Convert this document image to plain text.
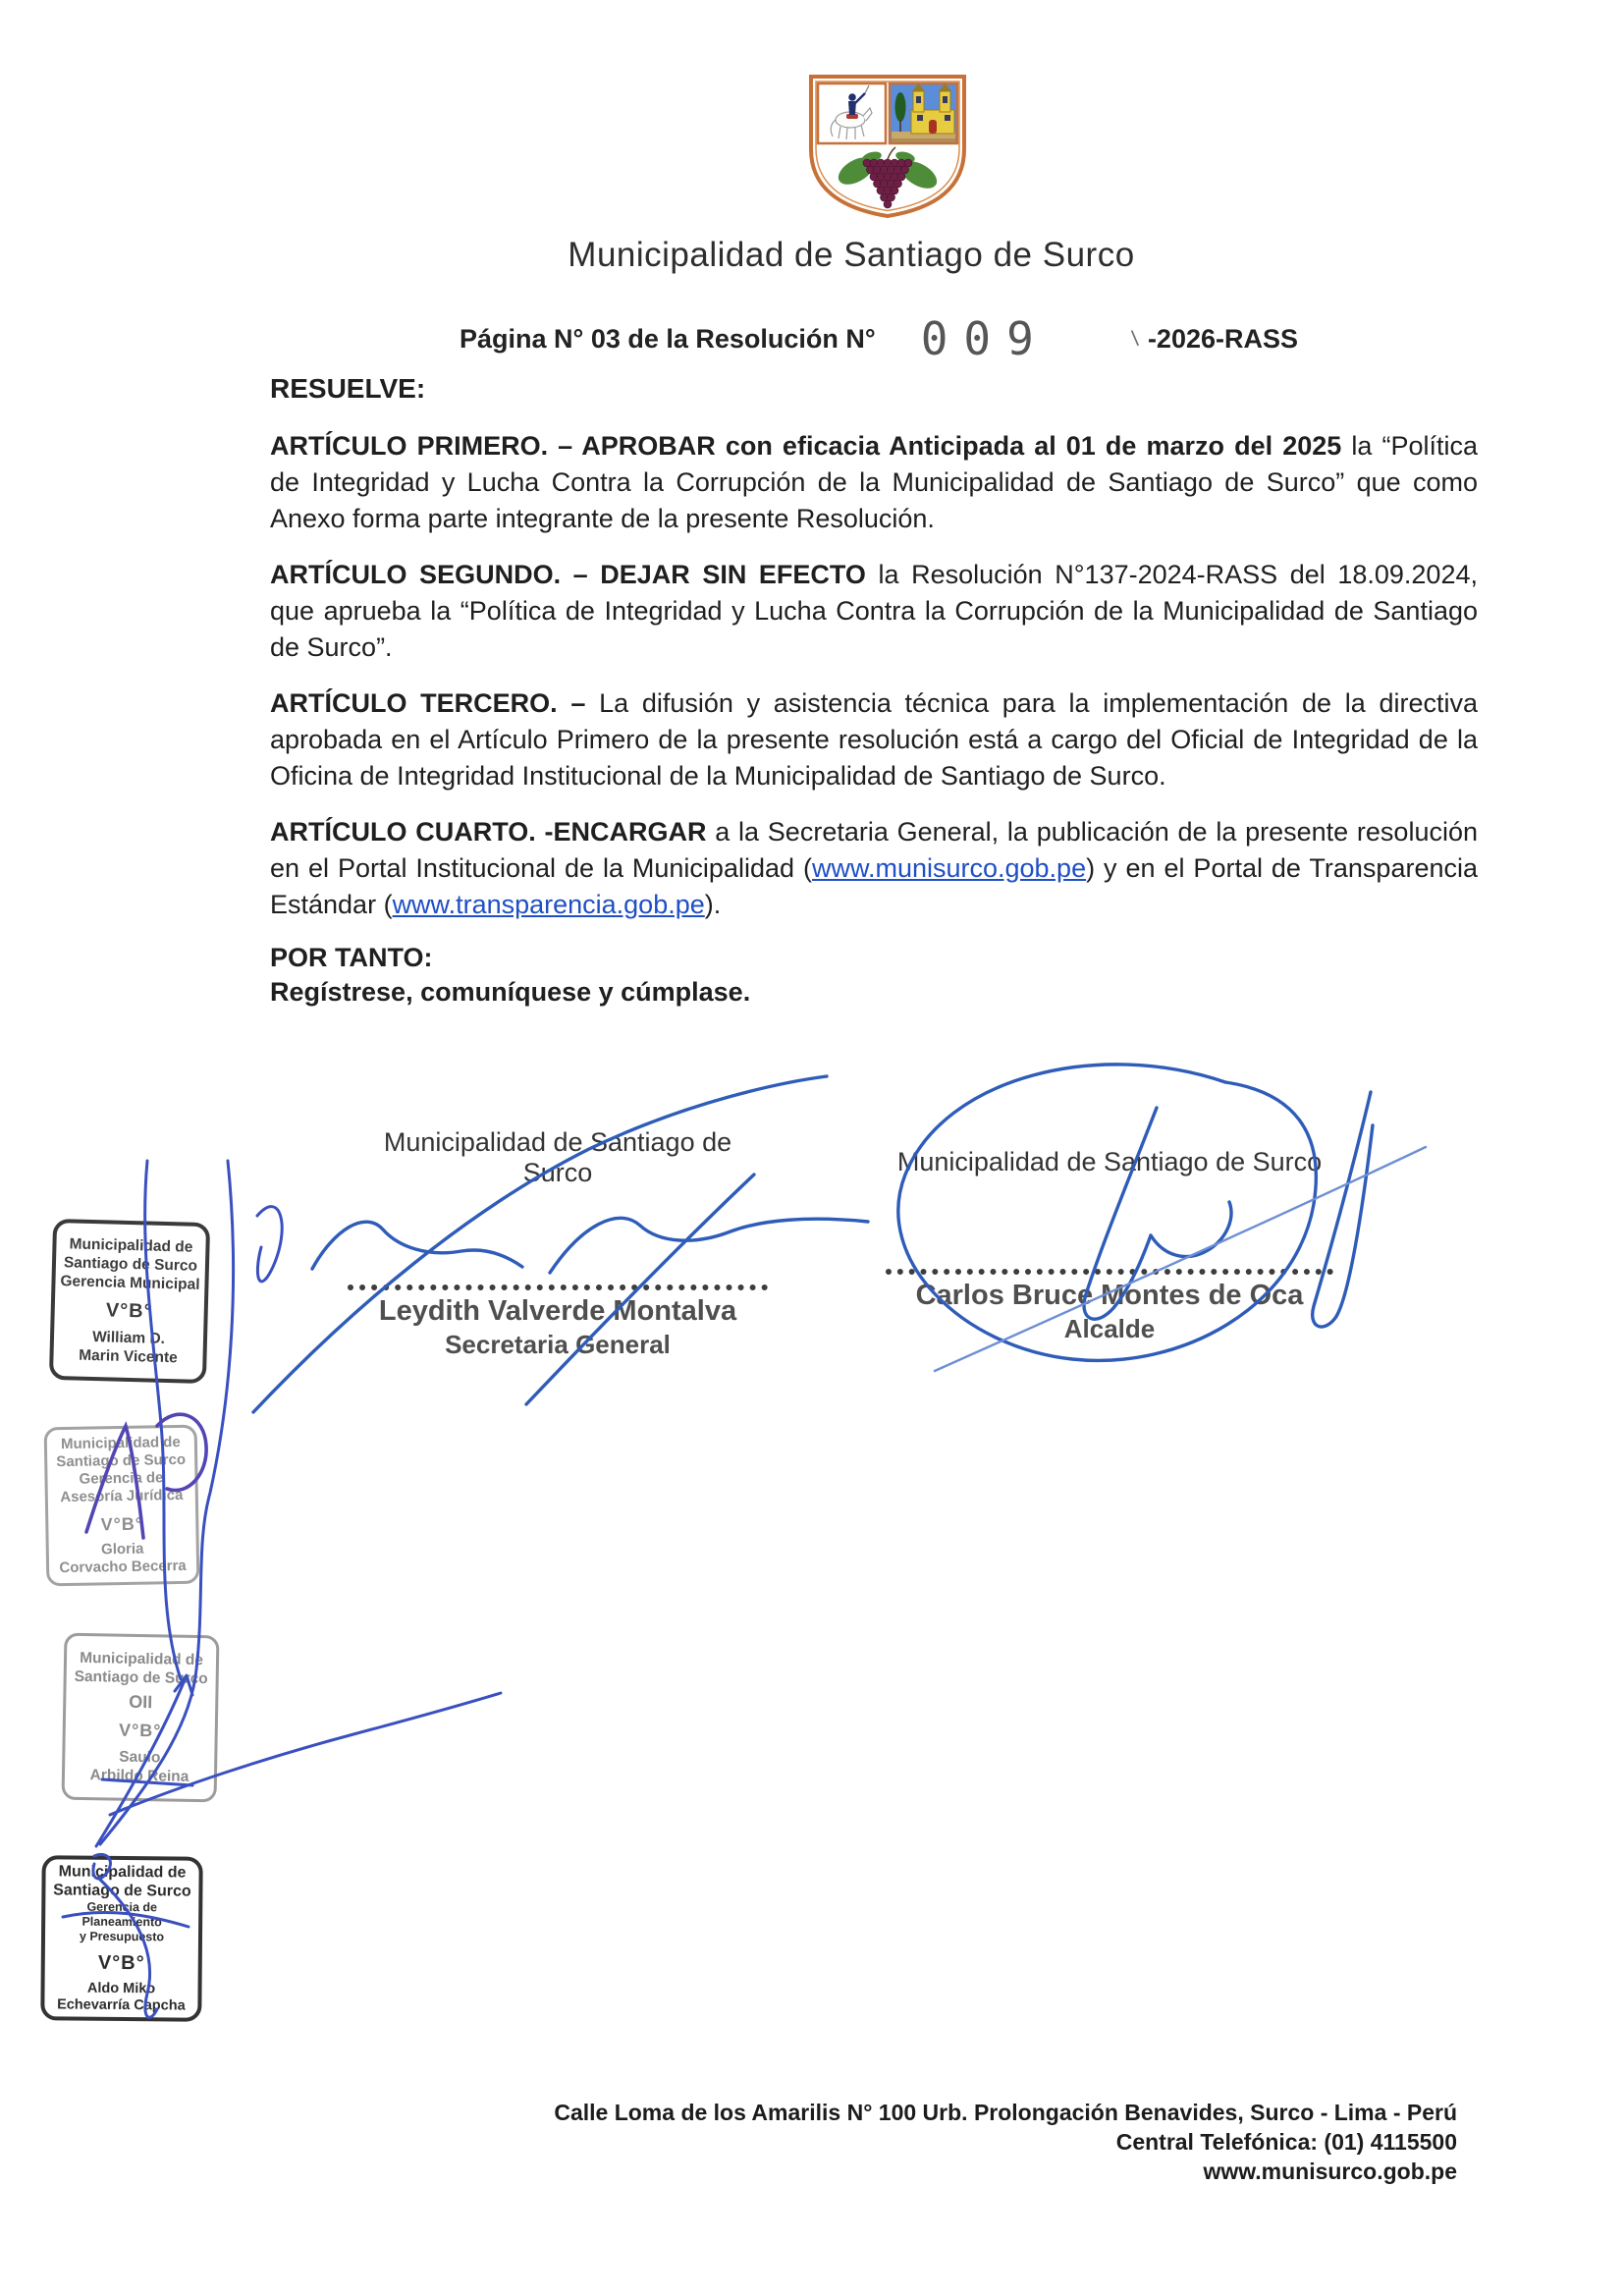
Municipalidad de Santiago de Surco
Página N° 03 de la Resolución N° 009	\ -2026-RASS

RESUELVE:

ARTÍCULO PRIMERO. – APROBAR con eficacia Anticipada al 01 de marzo del 2025 la “Política de Integridad y Lucha Contra la Corrupción de la Municipalidad de Santiago de Surco” que como Anexo forma parte integrante de la presente Resolución.

ARTÍCULO SEGUNDO. – DEJAR SIN EFECTO la Resolución N°137-2024-RASS del 18.09.2024, que aprueba la “Política de Integridad y Lucha Contra la Corrupción de la Municipalidad de Santiago de Surco”.

ARTÍCULO TERCERO. – La difusión y asistencia técnica para la implementación de la directiva aprobada en el Artículo Primero de la presente resolución está a cargo del Oficial de Integridad de la Oficina de Integridad Institucional de la Municipalidad de Santiago de Surco.

ARTÍCULO CUARTO. -ENCARGAR a la Secretaria General, la publicación de la presente resolución en el Portal Institucional de la Municipalidad (www.munisurco.gob.pe) y en el Portal de Transparencia Estándar (www.transparencia.gob.pe).

POR TANTO:

Regístrese, comuníquese y cúmplase.

Municipalidad de Santiago de Surco
Leydith Valverde Montalva
Secretaria General
Municipalidad de Santiago de Surco
Carlos Bruce Montes de Oca
Alcalde
Municipalidad de
Santiago de Surco
Gerencia Municipal
V°B°
William D.
Marin Vicente
Municipalidad de
Santiago de Surco
Gerencia de
Asesoría Jurídica
V°B°
Gloria
Corvacho Becerra
Municipalidad de
Santiago de Surco
OII
V°B°
Saulo
Arbildo Reina
Municipalidad de
Santiago de Surco
Gerencia de Planeamiento
y Presupuesto
V°B°
Aldo Miko
Echevarría Capcha
Calle Loma de los Amarilis N° 100 Urb. Prolongación Benavides, Surco - Lima - Perú
Central Telefónica: (01) 4115500
www.munisurco.gob.pe
